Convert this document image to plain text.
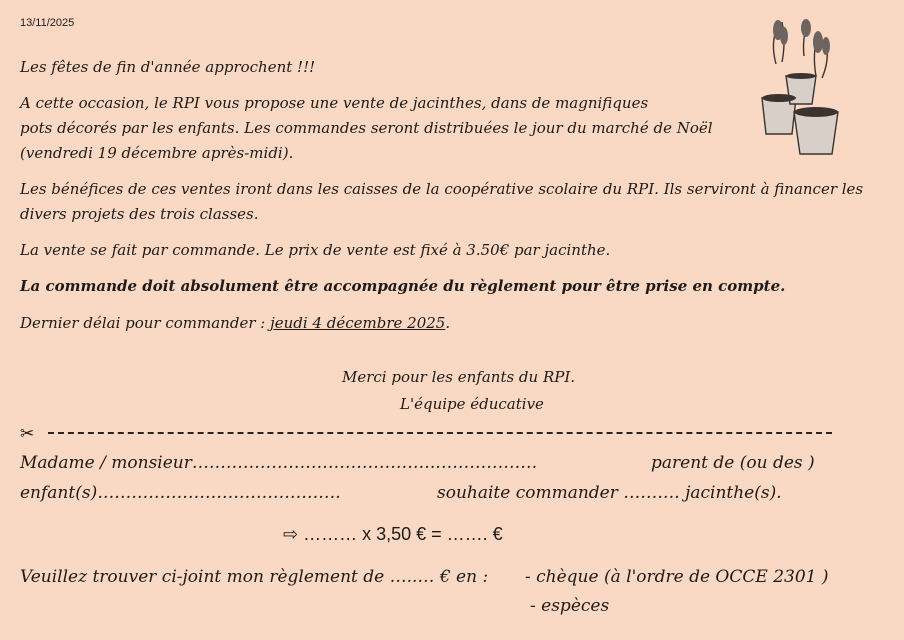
13/11/2025
Les fêtes de fin d'année approchent !!!
A cette occasion, le RPI vous propose une vente de jacinthes, dans de magnifiques
pots décorés par les enfants. Les commandes seront distribuées le jour du marché de Noël
(vendredi 19 décembre après-midi).
Les bénéfices de ces ventes iront dans les caisses de la coopérative scolaire du RPI. Ils serviront à financer les
divers projets des trois classes.
La vente se fait par commande. Le prix de vente est fixé à 3.50€ par jacinthe.
La commande doit absolument être accompagnée du règlement pour être prise en compte.
Dernier délai pour commander : jeudi 4 décembre 2025.
Merci pour les enfants du RPI.
L'équipe éducative
✂
Madame / monsieur…………………………………….………………	parent de (ou des )
enfant(s)…………………………………….	souhaite commander ………. jacinthe(s).
⇨ ……… x 3,50 € = ……. €
Veuillez trouver ci-joint mon règlement de …..… € en : - chèque (à l'ordre de OCCE 2301 )
- espèces
